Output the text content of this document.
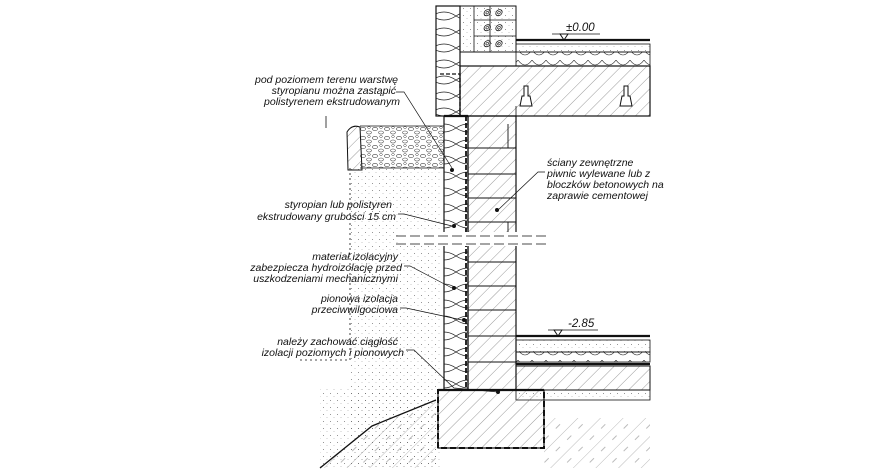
⊚ ⊚
⊚ ⊚
⊚ ⊚
±0.00
-2.85
pod poziomem terenu warstwę
styropianu można zastąpić
polistyrenem ekstrudowanym
ściany zewnętrzne
piwnic wylewane lub z
bloczków betonowych na
zaprawie cementowej
styropian lub polistyren
ekstrudowany grubości 15 cm
materiał izolacyjny
zabezpiecza hydroizolację przed
uszkodzeniami mechanicznymi
pionowa izolacja
przeciwwilgociowa
należy zachować ciągłość
izolacji poziomych i pionowych
